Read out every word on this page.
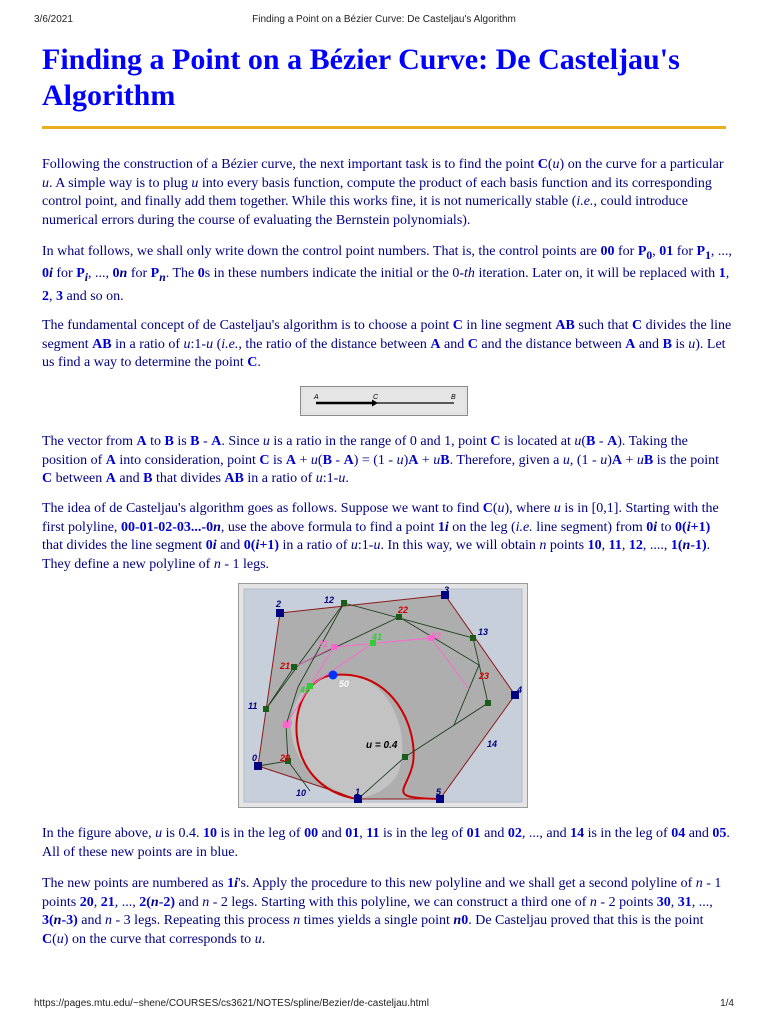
3/6/2021	Finding a Point on a Bézier Curve: De Casteljau's Algorithm
Finding a Point on a Bézier Curve: De Casteljau's Algorithm

Following the construction of a Bézier curve, the next important task is to find the point C(u) on the curve for a particular u. A simple way is to plug u into every basis function, compute the product of each basis function and its corresponding control point, and finally add them together. While this works fine, it is not numerically stable (i.e., could introduce numerical errors during the course of evaluating the Bernstein polynomials).

In what follows, we shall only write down the control point numbers. That is, the control points are 00 for $P_0$, 01 for $P_1$, ..., 0i for $P_i$, ..., 0n for $P_n$. The 0s in these numbers indicate the initial or the 0-th iteration. Later on, it will be replaced with 1, 2, 3 and so on.

The fundamental concept of de Casteljau's algorithm is to choose a point C in line segment AB such that C divides the line segment AB in a ratio of u:1-u (i.e., the ratio of the distance between A and C and the distance between A and B is u). Let us find a way to determine the point C.

A	C	B

The vector from A to B is B - A. Since u is a ratio in the range of 0 and 1, point C is located at u(B - A). Taking the position of A into consideration, point C is A + u(B - A) = (1 - u)A + uB. Therefore, given a u, (1 - u)A + uB is the point C between A and B that divides AB in a ratio of u:1-u.

The idea of de Casteljau's algorithm goes as follows. Suppose we want to find C(u), where u is in [0,1]. Starting with the first polyline, 00-01-02-03...-0n, use the above formula to find a point 1i on the leg (i.e. line segment) from 0i to 0(i+1) that divides the line segment 0i and 0(i+1) in a ratio of u:1-u. In this way, we will obtain n points 10, 11, 12, ...., 1(n-1). They define a new polyline of n - 1 legs.

2
3
4
1	5
0
10
11
12
13
14
20
21
22
23
30
31
32
40
41
50
u = 0.4

In the figure above, u is 0.4. 10 is in the leg of 00 and 01, 11 is in the leg of 01 and 02, ..., and 14 is in the leg of 04 and 05. All of these new points are in blue.

The new points are numbered as 1i's. Apply the procedure to this new polyline and we shall get a second polyline of n - 1 points 20, 21, ..., 2(n-2) and n - 2 legs. Starting with this polyline, we can construct a third one of n - 2 points 30, 31, ..., 3(n-3) and n - 3 legs. Repeating this process n times yields a single point n0. De Casteljau proved that this is the point C(u) on the curve that corresponds to u.

https://pages.mtu.edu/~shene/COURSES/cs3621/NOTES/spline/Bezier/de-casteljau.html	1/4
